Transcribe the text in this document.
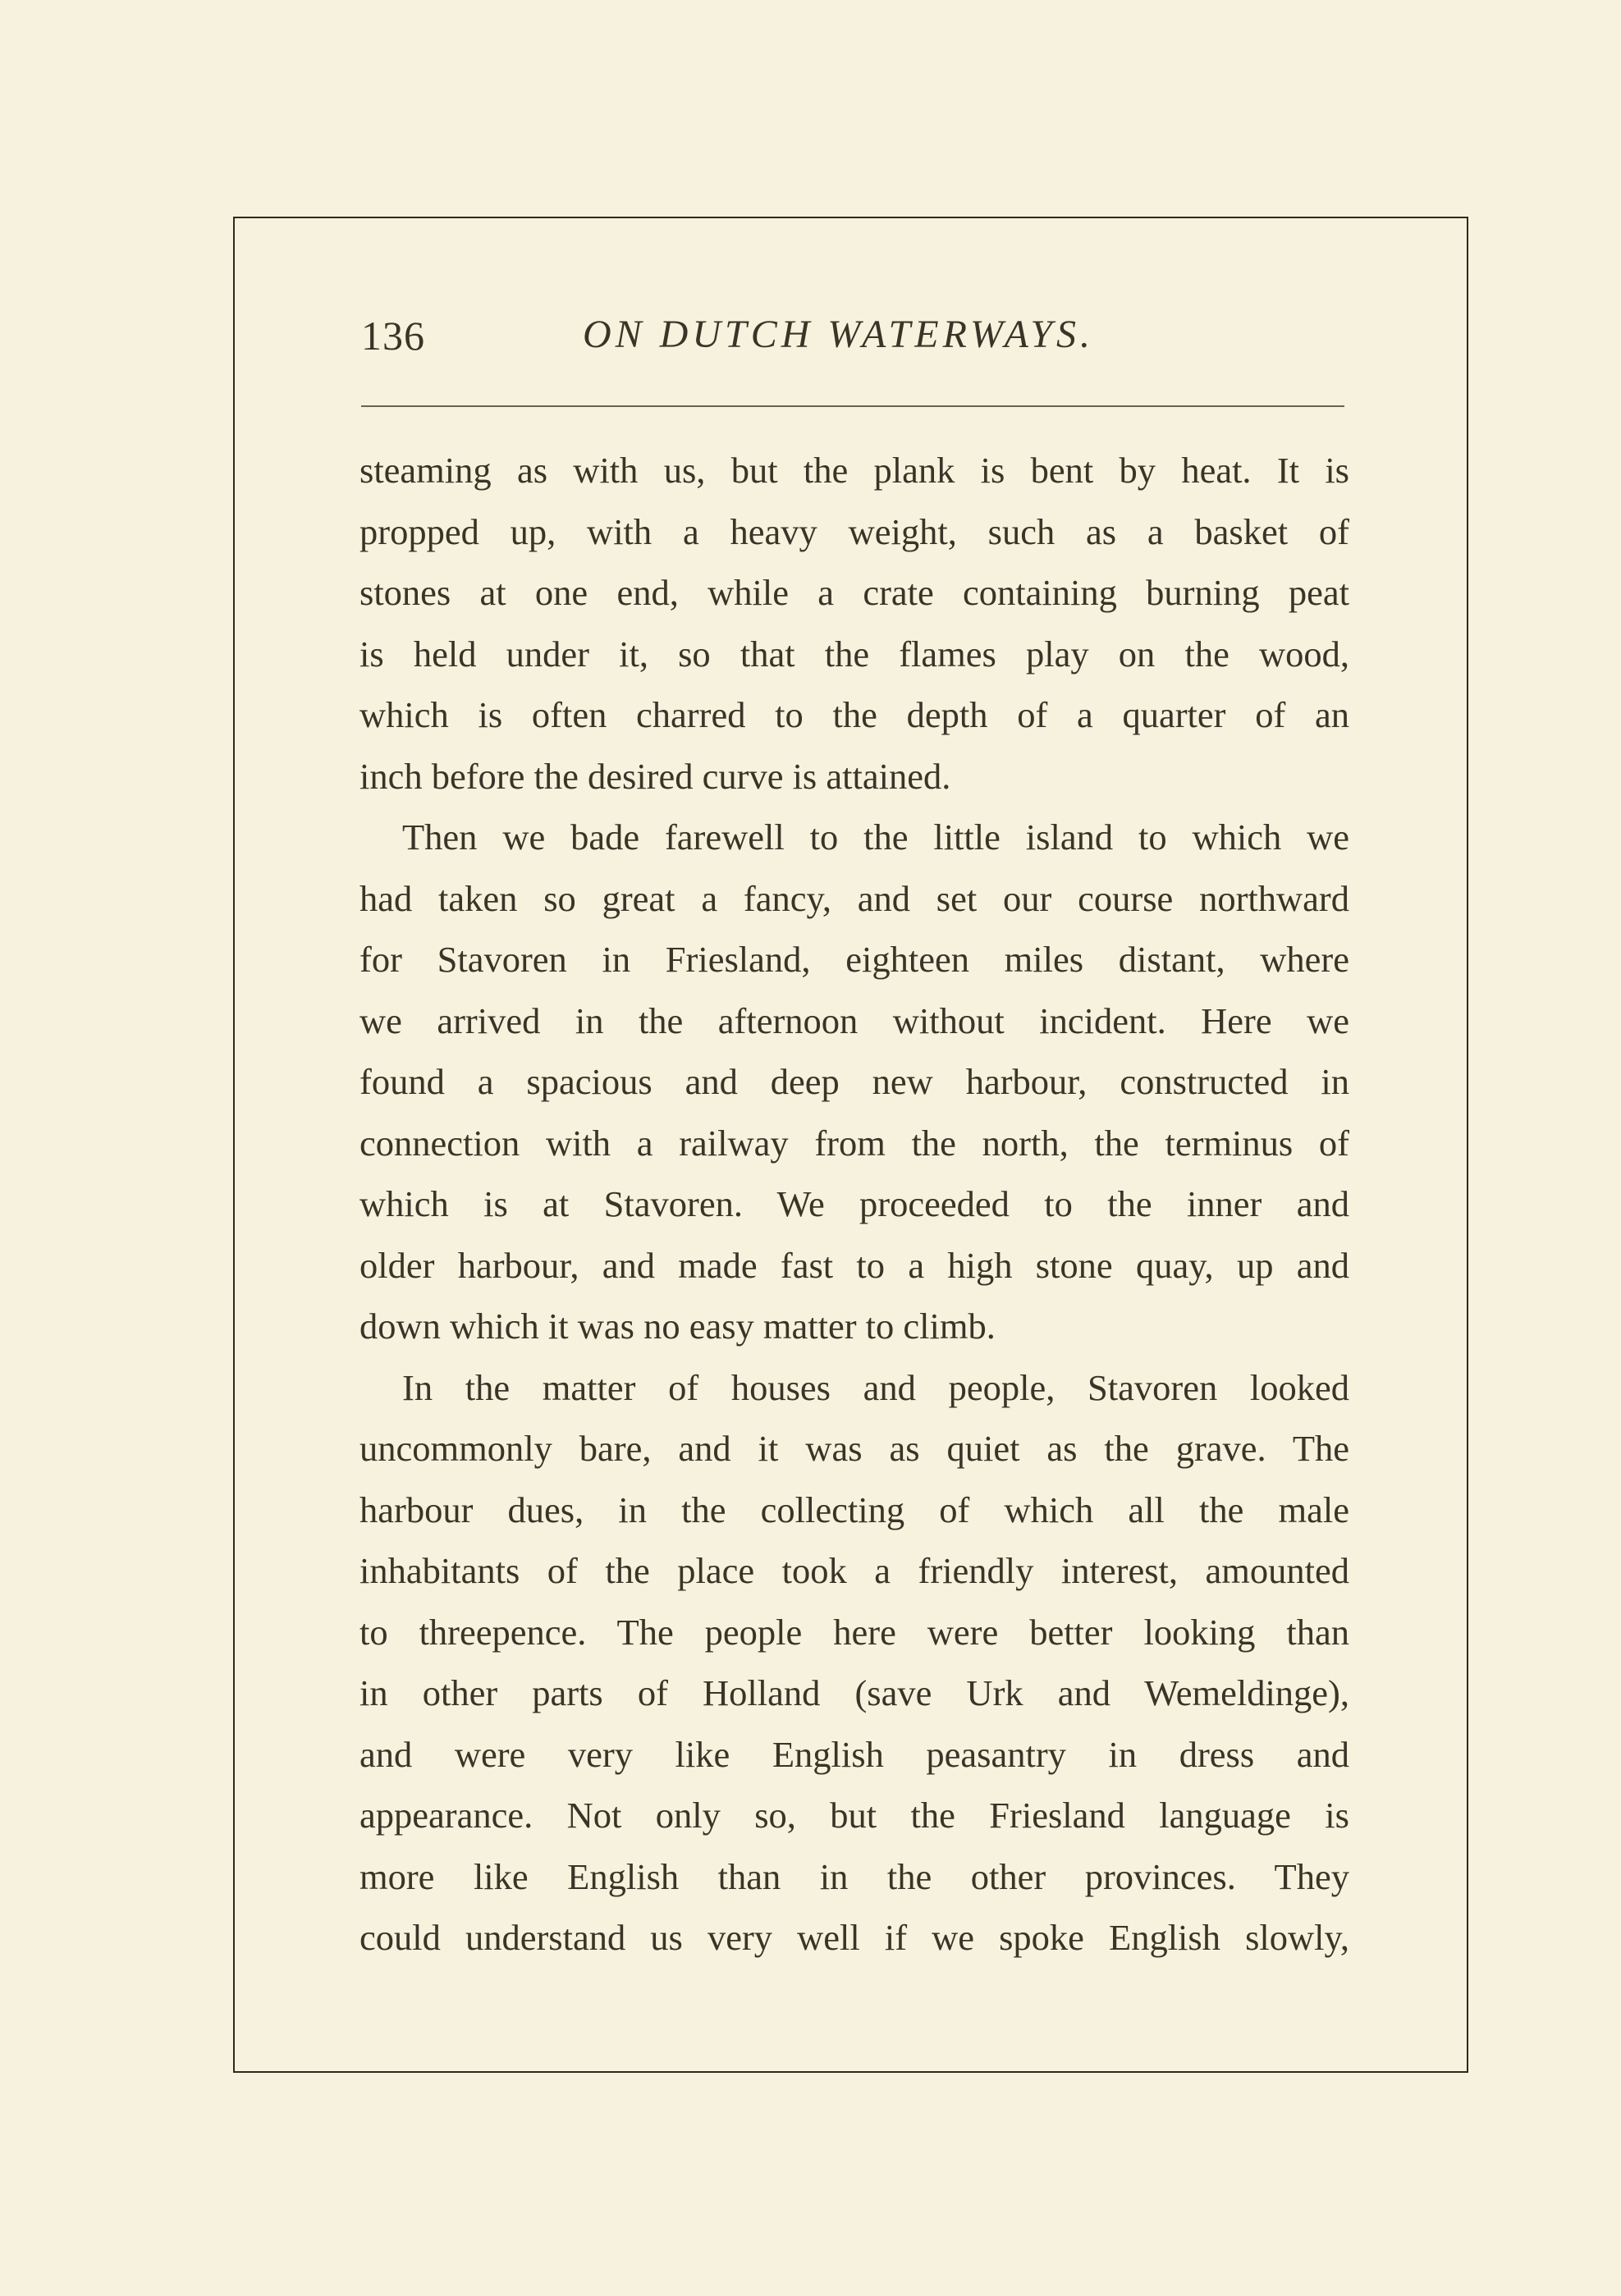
136	ON DUTCH WATERWAYS.
steaming as with us, but the plank is bent by heat. It is
propped up, with a heavy weight, such as a basket of
stones at one end, while a crate containing burning peat
is held under it, so that the flames play on the wood,
which is often charred to the depth of a quarter of an
inch before the desired curve is attained.
Then we bade farewell to the little island to which we
had taken so great a fancy, and set our course northward
for Stavoren in Friesland, eighteen miles distant, where
we arrived in the afternoon without incident. Here we
found a spacious and deep new harbour, constructed in
connection with a railway from the north, the terminus of
which is at Stavoren. We proceeded to the inner and
older harbour, and made fast to a high stone quay, up and
down which it was no easy matter to climb.
In the matter of houses and people, Stavoren looked
uncommonly bare, and it was as quiet as the grave. The
harbour dues, in the collecting of which all the male
inhabitants of the place took a friendly interest, amounted
to threepence. The people here were better looking than
in other parts of Holland (save Urk and Wemeldinge),
and were very like English peasantry in dress and
appearance. Not only so, but the Friesland language is
more like English than in the other provinces. They
could understand us very well if we spoke English slowly,
